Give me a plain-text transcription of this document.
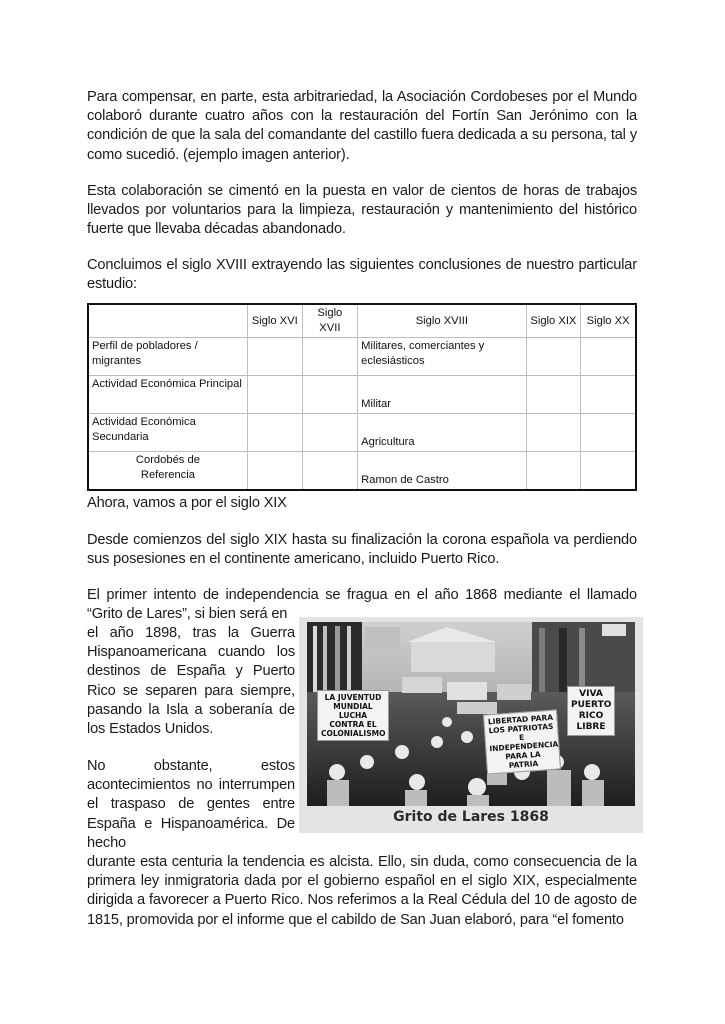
Para compensar, en parte, esta arbitrariedad, la Asociación Cordobeses por el Mundo colaboró durante cuatro años con la restauración del Fortín San Jerónimo con la condición de que la sala del comandante del castillo fuera dedicada a su persona, tal y como sucedió. (ejemplo imagen anterior).

Esta colaboración se cimentó en la puesta en valor de cientos de horas de trabajos llevados por voluntarios para la limpieza, restauración y mantenimiento del histórico fuerte que llevaba décadas abandonado.

Concluimos el siglo XVIII extrayendo las siguientes conclusiones de nuestro particular estudio:

	Siglo XVI	Siglo XVII	Siglo XVIII	Siglo XIX	Siglo XX
Perfil de pobladores / migrantes			Militares, comerciantes y eclesiásticos		
Actividad Económica Principal			Militar		
Actividad Económica Secundaria			Agricultura		
Cordobés de Referencia			Ramon de Castro		

Ahora, vamos a por el siglo XIX

Desde comienzos del siglo XIX hasta su finalización la corona española va perdiendo sus posesiones en el continente americano, incluido Puerto Rico.

El primer intento de independencia se fragua en el año 1868 mediante el llamado

“Grito de Lares”, si bien será en

el año 1898, tras la Guerra Hispanoamericana cuando los destinos de España y Puerto Rico se separen para siempre, pasando la Isla a soberanía de los Estados Unidos.

No obstante, estos acontecimientos no interrumpen el traspaso de gentes entre España e Hispanoamérica. De hecho

durante esta centuria la tendencia es alcista. Ello, sin duda, como consecuencia de la primera ley inmigratoria dada por el gobierno español en el siglo XIX, especialmente dirigida a favorecer a Puerto Rico. Nos referimos a la Real Cédula del 10 de agosto de 1815, promovida por el informe que el cabildo de San Juan elaboró, para “el fomento

LA JUVENTUD MUNDIAL LUCHA CONTRA EL COLONIALISMO
LIBERTAD PARA LOS PATRIOTAS E INDEPENDENCIA PARA LA PATRIA
VIVA PUERTO RICO LIBRE
Grito de Lares 1868
